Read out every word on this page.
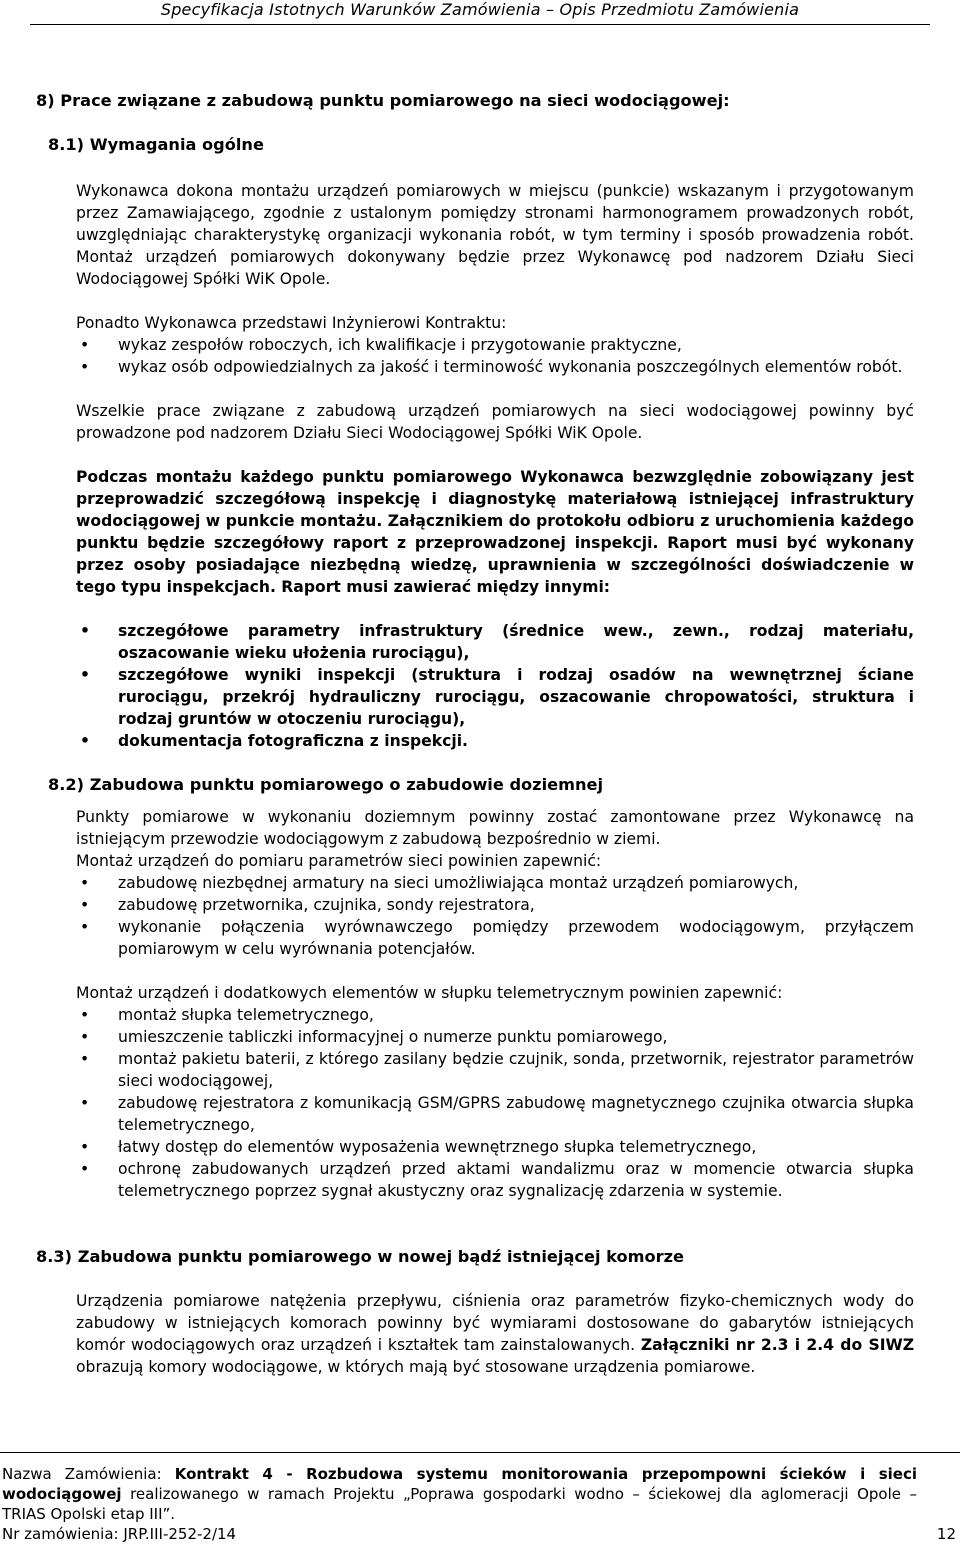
Specyfikacja Istotnych Warunków Zamówienia – Opis Przedmiotu Zamówienia
8) Prace związane z zabudową punktu pomiarowego na sieci wodociągowej:
8.1) Wymagania ogólne
Wykonawca dokona montażu urządzeń pomiarowych w miejscu (punkcie) wskazanym i przygotowanym przez Zamawiającego, zgodnie z ustalonym pomiędzy stronami harmonogramem prowadzonych robót, uwzględniając charakterystykę organizacji wykonania robót, w tym terminy i sposób prowadzenia robót. Montaż urządzeń pomiarowych dokonywany będzie przez Wykonawcę pod nadzorem Działu Sieci Wodociągowej Spółki WiK Opole.
Ponadto Wykonawca przedstawi Inżynierowi Kontraktu:
• wykaz zespołów roboczych, ich kwalifikacje i przygotowanie praktyczne,
• wykaz osób odpowiedzialnych za jakość i terminowość wykonania poszczególnych elementów robót.
Wszelkie prace związane z zabudową urządzeń pomiarowych na sieci wodociągowej powinny być prowadzone pod nadzorem Działu Sieci Wodociągowej Spółki WiK Opole.
Podczas montażu każdego punktu pomiarowego Wykonawca bezwzględnie zobowiązany jest przeprowadzić szczegółową inspekcję i diagnostykę materiałową istniejącej infrastruktury wodociągowej w punkcie montażu. Załącznikiem do protokołu odbioru z uruchomienia każdego punktu będzie szczegółowy raport z przeprowadzonej inspekcji. Raport musi być wykonany przez osoby posiadające niezbędną wiedzę, uprawnienia w szczególności doświadczenie w tego typu inspekcjach. Raport musi zawierać między innymi:
• szczegółowe parametry infrastruktury (średnice wew., zewn., rodzaj materiału, oszacowanie wieku ułożenia rurociągu),
• szczegółowe wyniki inspekcji (struktura i rodzaj osadów na wewnętrznej ściane rurociągu, przekrój hydrauliczny rurociągu, oszacowanie chropowatości, struktura i rodzaj gruntów w otoczeniu rurociągu),
• dokumentacja fotograficzna z inspekcji.
8.2) Zabudowa punktu pomiarowego o zabudowie doziemnej
Punkty pomiarowe w wykonaniu doziemnym powinny zostać zamontowane przez Wykonawcę na istniejącym przewodzie wodociągowym z zabudową bezpośrednio w ziemi.
Montaż urządzeń do pomiaru parametrów sieci powinien zapewnić:
• zabudowę niezbędnej armatury na sieci umożliwiająca montaż urządzeń pomiarowych,
• zabudowę przetwornika, czujnika, sondy rejestratora,
• wykonanie połączenia wyrównawczego pomiędzy przewodem wodociągowym, przyłączem pomiarowym w celu wyrównania potencjałów.
Montaż urządzeń i dodatkowych elementów w słupku telemetrycznym powinien zapewnić:
• montaż słupka telemetrycznego,
• umieszczenie tabliczki informacyjnej o numerze punktu pomiarowego,
• montaż pakietu baterii, z którego zasilany będzie czujnik, sonda, przetwornik, rejestrator parametrów sieci wodociągowej,
• zabudowę rejestratora z komunikacją GSM/GPRS zabudowę magnetycznego czujnika otwarcia słupka telemetrycznego,
• łatwy dostęp do elementów wyposażenia wewnętrznego słupka telemetrycznego,
• ochronę zabudowanych urządzeń przed aktami wandalizmu oraz w momencie otwarcia słupka telemetrycznego poprzez sygnał akustyczny oraz sygnalizację zdarzenia w systemie.
8.3) Zabudowa punktu pomiarowego w nowej bądź istniejącej komorze
Urządzenia pomiarowe natężenia przepływu, ciśnienia oraz parametrów fizyko-chemicznych wody do zabudowy w istniejących komorach powinny być wymiarami dostosowane do gabarytów istniejących komór wodociągowych oraz urządzeń i kształtek tam zainstalowanych. Załączniki nr 2.3 i 2.4 do SIWZ obrazują komory wodociągowe, w których mają być stosowane urządzenia pomiarowe.
Nazwa Zamówienia: Kontrakt 4 - Rozbudowa systemu monitorowania przepompowni ścieków i sieci wodociągowej realizowanego w ramach Projektu „Poprawa gospodarki wodno – ściekowej dla aglomeracji Opole – TRIAS Opolski etap III”.
Nr zamówienia: JRP.III-252-2/14	12
